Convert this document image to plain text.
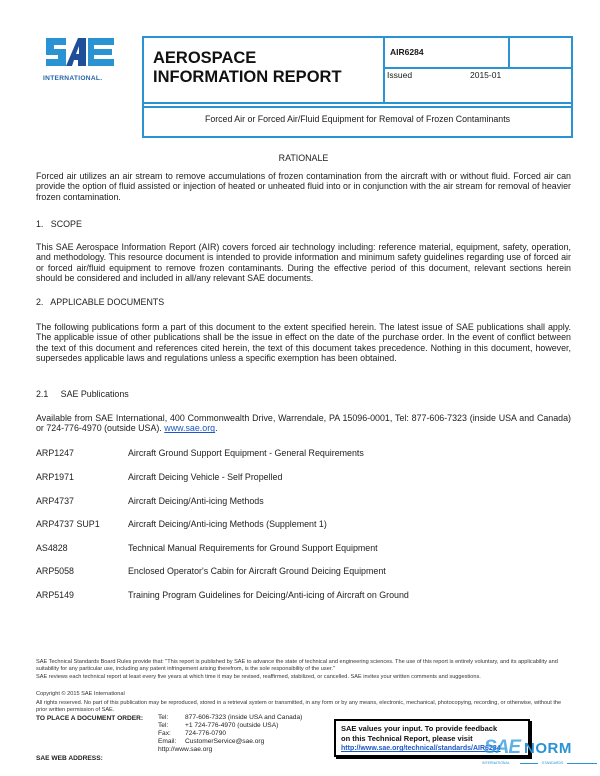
INTERNATIONAL.
AEROSPACE
INFORMATION REPORT
AIR6284
Issued	2015-01
Forced Air or Forced Air/Fluid Equipment for Removal of Frozen Contaminants
RATIONALE
Forced air utilizes an air stream to remove accumulations of frozen contamination from the aircraft with or without fluid. Forced air can provide the option of fluid assisted or injection of heated or unheated fluid into or in conjunction with the air stream for removal of heavier frozen contamination.
1.   SCOPE
This SAE Aerospace Information Report (AIR) covers forced air technology including: reference material, equipment, safety, operation, and methodology. This resource document is intended to provide information and minimum safety guidelines regarding use of forced air or forced air/fluid equipment to remove frozen contaminants. During the effective period of this document, relevant sections herein should be considered and included in all/any relevant SAE documents.
2.   APPLICABLE DOCUMENTS
The following publications form a part of this document to the extent specified herein. The latest issue of SAE publications shall apply. The applicable issue of other publications shall be the issue in effect on the date of the purchase order. In the event of conflict between the text of this document and references cited herein, the text of this document takes precedence. Nothing in this document, however, supersedes applicable laws and regulations unless a specific exemption has been obtained.
2.1     SAE Publications
Available from SAE International, 400 Commonwealth Drive, Warrendale, PA 15096-0001, Tel: 877-606-7323 (inside USA and Canada) or 724-776-4970 (outside USA). www.sae.org.
ARP1247	Aircraft Ground Support Equipment - General Requirements
ARP1971	Aircraft Deicing Vehicle - Self Propelled
ARP4737	Aircraft Deicing/Anti-icing Methods
ARP4737 SUP1	Aircraft Deicing/Anti-icing Methods (Supplement 1)
AS4828	Technical Manual Requirements for Ground Support Equipment
ARP5058	Enclosed Operator's Cabin for Aircraft Ground Deicing Equipment
ARP5149	Training Program Guidelines for Deicing/Anti-icing of Aircraft on Ground
SAE Technical Standards Board Rules provide that: "This report is published by SAE to advance the state of technical and engineering sciences. The use of this report is entirely voluntary, and its applicability and suitability for any particular use, including any patent infringement arising therefrom, is the sole responsibility of the user."
SAE reviews each technical report at least every five years at which time it may be revised, reaffirmed, stabilized, or cancelled. SAE invites your written comments and suggestions.
Copyright © 2015 SAE International
All rights reserved. No part of this publication may be reproduced, stored in a retrieval system or transmitted, in any form or by any means, electronic, mechanical, photocopying, recording, or otherwise, without the prior written permission of SAE.
TO PLACE A DOCUMENT ORDER: Tel:	877-606-7323 (inside USA and Canada)
Tel:	+1 724-776-4970 (outside USA)
Fax:	724-776-0790
Email:	CustomerService@sae.org
http://www.sae.org
SAE WEB ADDRESS:
SAE values your input. To provide feedback
on this Technical Report, please visit
http://www.sae.org/technical/standards/AIR6284
SAE NORM
INTERNATIONAL	STANDARDS
